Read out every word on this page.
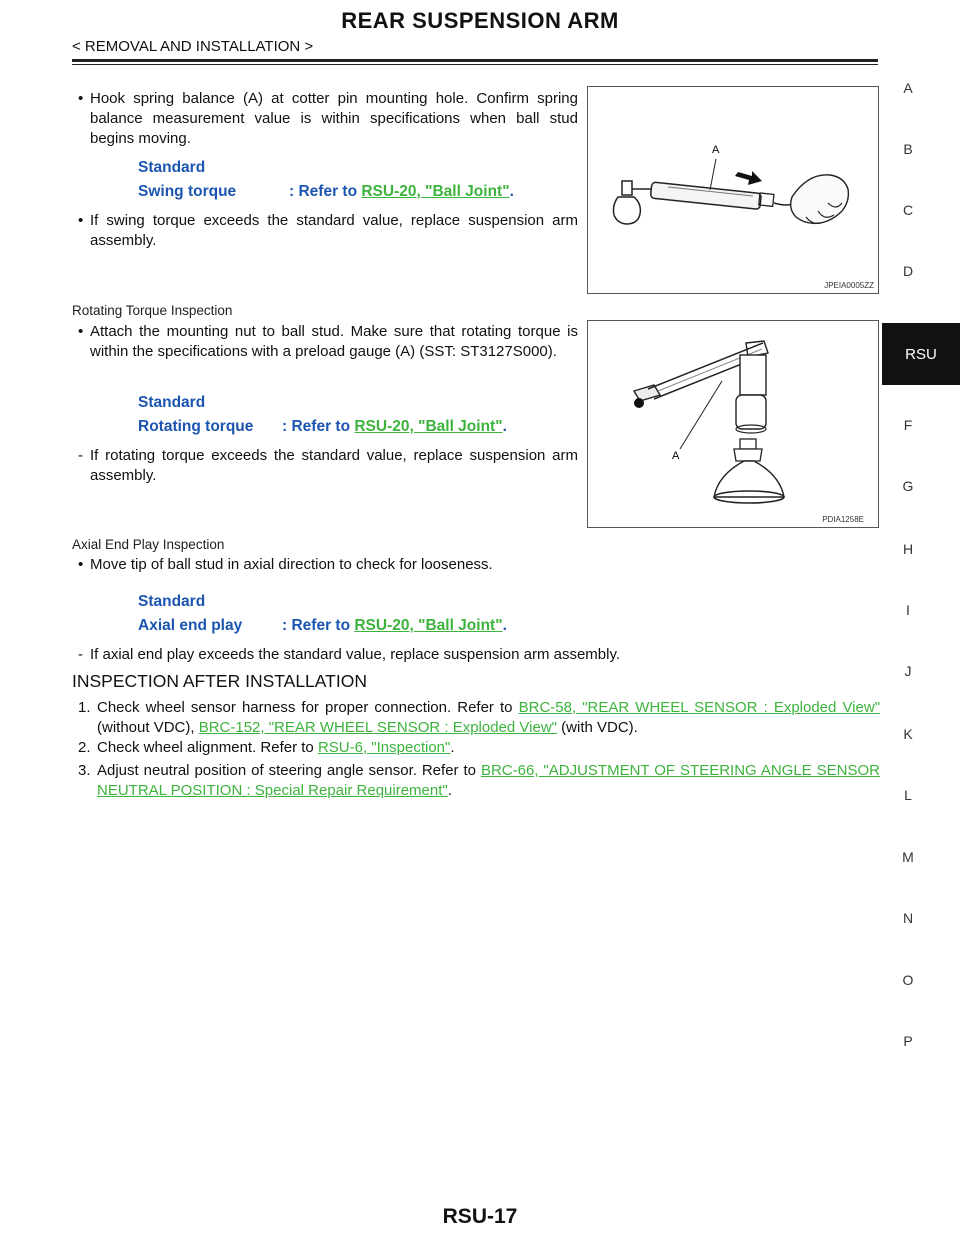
REAR SUSPENSION ARM
< REMOVAL AND INSTALLATION >
A
B
C
D
RSU
F
G
H
I
J
K
L
M
N
O
P
• Hook spring balance (A) at cotter pin mounting hole. Confirm spring balance measurement value is within specifications when ball stud begins moving.
Standard
Swing torque	: Refer to RSU-20, "Ball Joint".
• If swing torque exceeds the standard value, replace suspension arm assembly.
A
JPEIA0005ZZ
Rotating Torque Inspection
• Attach the mounting nut to ball stud. Make sure that rotating torque is within the specifications with a preload gauge (A) (SST: ST3127S000).
Standard
Rotating torque : Refer to RSU-20, "Ball Joint".
- If rotating torque exceeds the standard value, replace suspension arm assembly.
A
PDIA1258E
Axial End Play Inspection
• Move tip of ball stud in axial direction to check for looseness.
Standard
Axial end play	: Refer to RSU-20, "Ball Joint".
- If axial end play exceeds the standard value, replace suspension arm assembly.
INSPECTION AFTER INSTALLATION
1. Check wheel sensor harness for proper connection. Refer to BRC-58, "REAR WHEEL SENSOR : Exploded View" (without VDC), BRC-152, "REAR WHEEL SENSOR : Exploded View" (with VDC).
2. Check wheel alignment. Refer to RSU-6, "Inspection".
3. Adjust neutral position of steering angle sensor. Refer to BRC-66, "ADJUSTMENT OF STEERING ANGLE SENSOR NEUTRAL POSITION : Special Repair Requirement".
RSU-17
